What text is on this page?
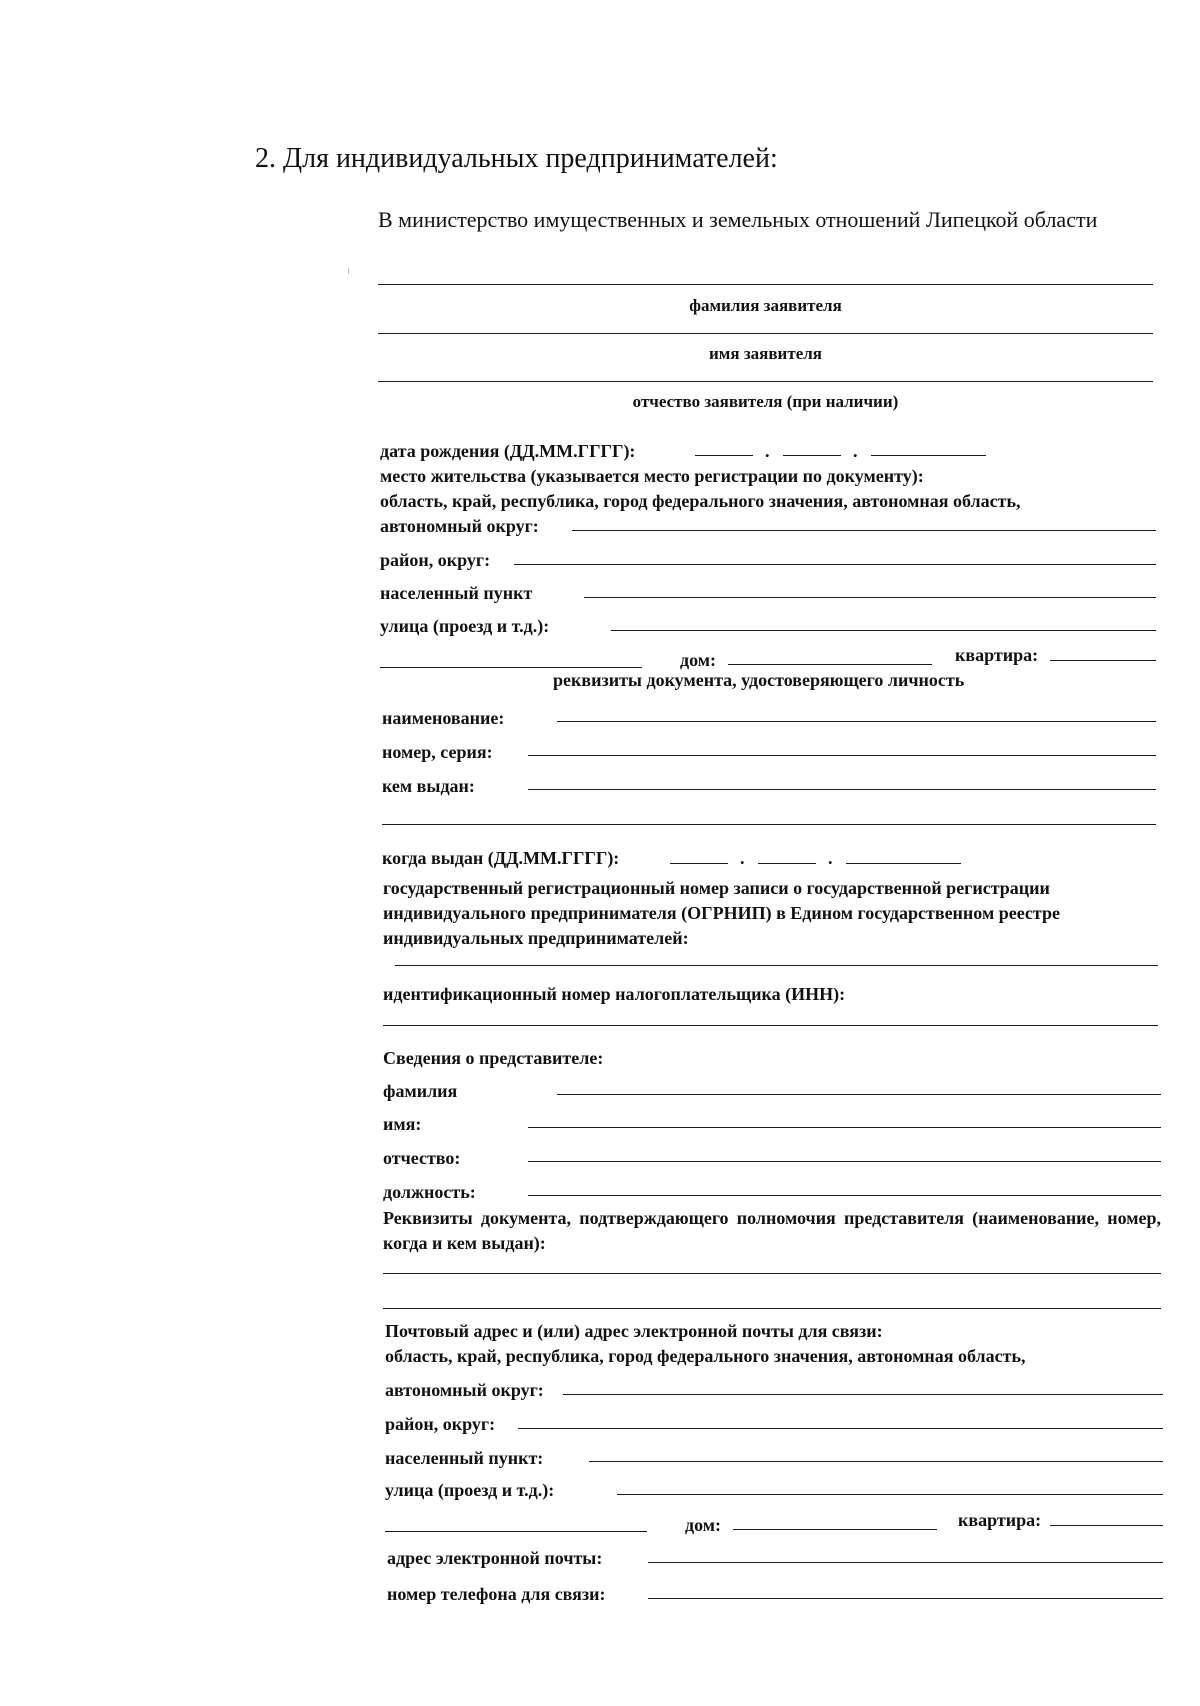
2. Для индивидуальных предпринимателей:
В министерство имущественных и земельных отношений Липецкой области
фамилия заявителя
имя заявителя
отчество заявителя (при наличии)
дата рождения (ДД.ММ.ГГГГ):	.	.
место жительства (указывается место регистрации по документу):
область, край, республика, город федерального значения, автономная область,
автономный округ:
район, округ:
населенный пункт
улица (проезд и т.д.):
дом:	квартира:
реквизиты документа, удостоверяющего личность
наименование:
номер, серия:
кем выдан:
когда выдан (ДД.ММ.ГГГГ):	.	.
государственный регистрационный номер записи о государственной регистрации индивидуального предпринимателя (ОГРНИП) в Едином государственном реестре индивидуальных предпринимателей:
идентификационный номер налогоплательщика (ИНН):
Сведения о представителе:
фамилия
имя:
отчество:
должность:
Реквизиты документа, подтверждающего полномочия представителя (наименование, номер, когда и кем выдан):
Почтовый адрес и (или) адрес электронной почты для связи:
область, край, республика, город федерального значения, автономная область,
автономный округ:
район, округ:
населенный пункт:
улица (проезд и т.д.):
дом:	квартира:
адрес электронной почты:
номер телефона для связи:
